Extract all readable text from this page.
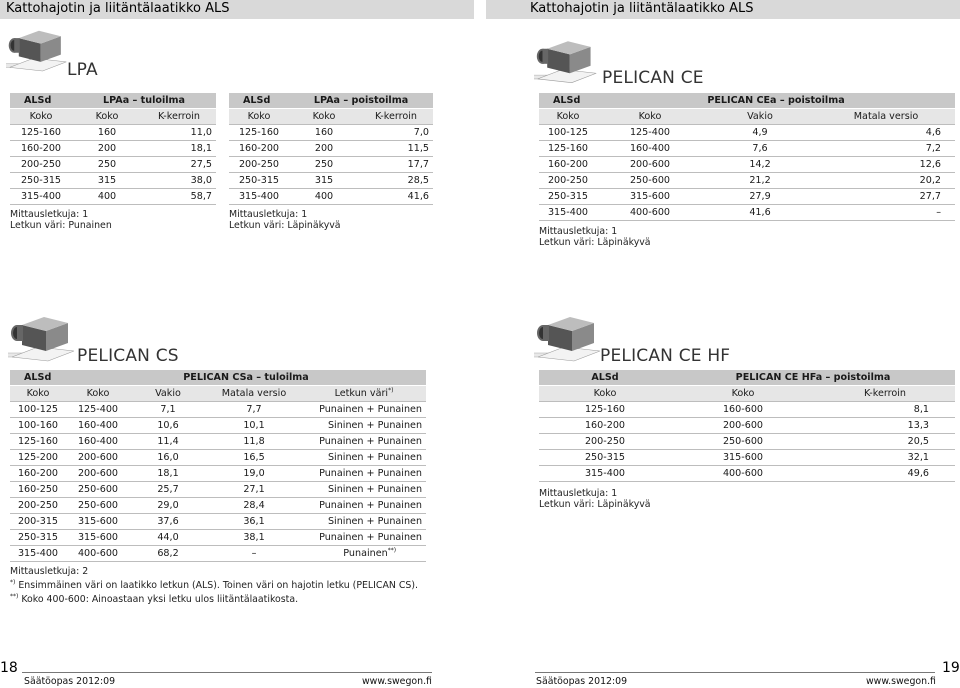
Kattohajotin ja liitäntälaatikko ALS	Kattohajotin ja liitäntälaatikko ALS
LPA
ALSd	LPAa – tuloilma	
Koko	Koko	K-kerroin
125-160	160	11,0
160-200	200	18,1
200-250	250	27,5
250-315	315	38,0
315-400	400	58,7
Mittausletkuja: 1
Letkun väri: Punainen
ALSd	LPAa – poistoilma	
Koko	Koko	K-kerroin
125-160	160	7,0
160-200	200	11,5
200-250	250	17,7
250-315	315	28,5
315-400	400	41,6
Mittausletkuja: 1
Letkun väri: Läpinäkyvä
PELICAN CE
ALSd	PELICAN CEa – poistoilma		
Koko	Koko	Vakio	Matala versio
100-125	125-400	4,9	4,6
125-160	160-400	7,6	7,2
160-200	200-600	14,2	12,6
200-250	250-600	21,2	20,2
250-315	315-600	27,9	27,7
315-400	400-600	41,6	–
Mittausletkuja: 1
Letkun väri: Läpinäkyvä
PELICAN CS
ALSd	PELICAN CSa – tuloilma			
Koko	Koko	Vakio	Matala versio	Letkun väri*)
100-125	125-400	7,1	7,7	Punainen + Punainen
100-160	160-400	10,6	10,1	Sininen + Punainen
125-160	160-400	11,4	11,8	Punainen + Punainen
125-200	200-600	16,0	16,5	Sininen + Punainen
160-200	200-600	18,1	19,0	Punainen + Punainen
160-250	250-600	25,7	27,1	Sininen + Punainen
200-250	250-600	29,0	28,4	Punainen + Punainen
200-315	315-600	37,6	36,1	Sininen + Punainen
250-315	315-600	44,0	38,1	Punainen + Punainen
315-400	400-600	68,2	–	Punainen**)
Mittausletkuja: 2
*) Ensimmäinen väri on laatikko letkun (ALS). Toinen väri on hajotin letku (PELICAN CS).
**) Koko 400-600: Ainoastaan yksi letku ulos liitäntälaatikosta.
PELICAN CE HF
ALSd	PELICAN CE HFa – poistoilma	
Koko	Koko	K-kerroin
125-160	160-600	8,1
160-200	200-600	13,3
200-250	250-600	20,5
250-315	315-600	32,1
315-400	400-600	49,6
Mittausletkuja: 1
Letkun väri: Läpinäkyvä
18
Säätöopas 2012:09	www.swegon.fi
19
Säätöopas 2012:09	www.swegon.fi
